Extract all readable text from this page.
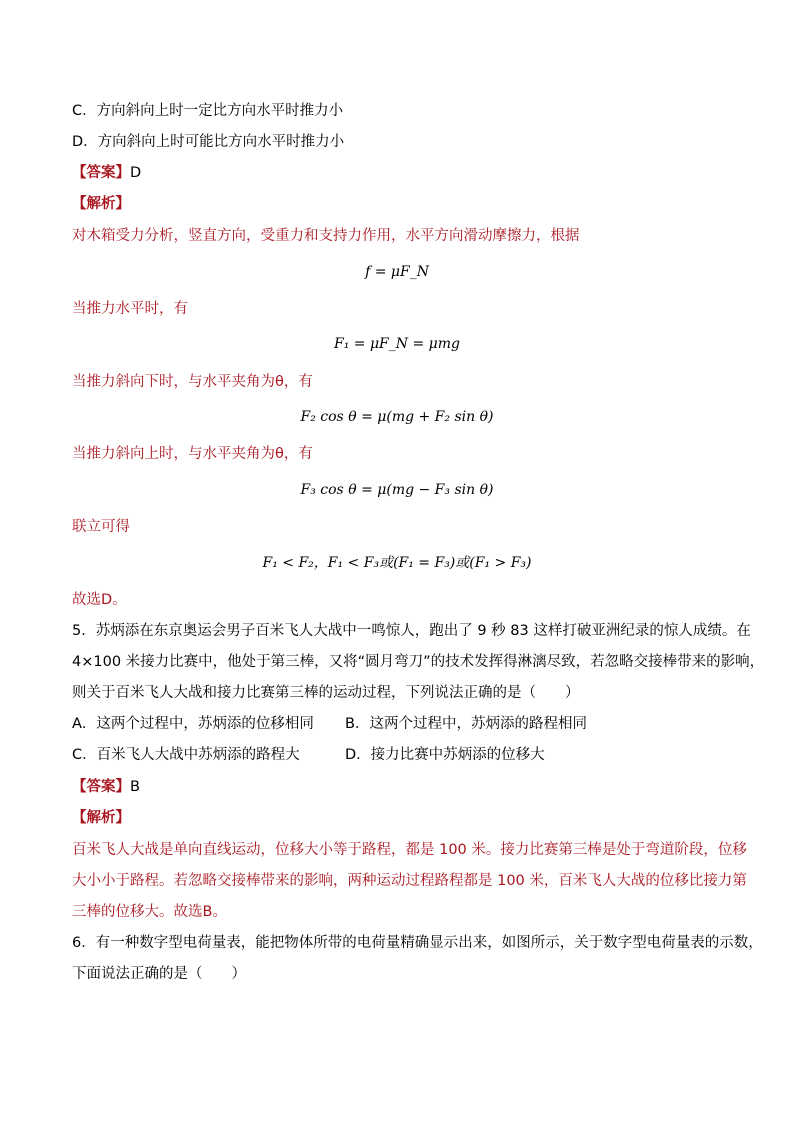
C．方向斜向上时一定比方向水平时推力小
D．方向斜向上时可能比方向水平时推力小
【答案】D
【解析】
对木箱受力分析，竖直方向，受重力和支持力作用，水平方向滑动摩擦力，根据
f = μF_N
当推力水平时，有
F₁ = μF_N = μmg
当推力斜向下时，与水平夹角为θ，有
F₂ cos θ = μ(mg + F₂ sin θ)
当推力斜向上时，与水平夹角为θ，有
F₃ cos θ = μ(mg − F₃ sin θ)
联立可得
F₁ < F₂，F₁ < F₃或(F₁ = F₃)或(F₁ > F₃)
故选D。
5．苏炳添在东京奥运会男子百米飞人大战中一鸣惊人，跑出了 9 秒 83 这样打破亚洲纪录的惊人成绩。在
4×100 米接力比赛中，他处于第三棒，又将“圆月弯刀”的技术发挥得淋漓尽致，若忽略交接棒带来的影响，
则关于百米飞人大战和接力比赛第三棒的运动过程，下列说法正确的是（　　）
A．这两个过程中，苏炳添的位移相同 B．这两个过程中，苏炳添的路程相同
C．百米飞人大战中苏炳添的路程大	D．接力比赛中苏炳添的位移大
【答案】B
【解析】
百米飞人大战是单向直线运动，位移大小等于路程，都是 100 米。接力比赛第三棒是处于弯道阶段，位移
大小小于路程。若忽略交接棒带来的影响，两种运动过程路程都是 100 米，百米飞人大战的位移比接力第
三棒的位移大。故选B。
6．有一种数字型电荷量表，能把物体所带的电荷量精确显示出来，如图所示，关于数字型电荷量表的示数，
下面说法正确的是（　　）
